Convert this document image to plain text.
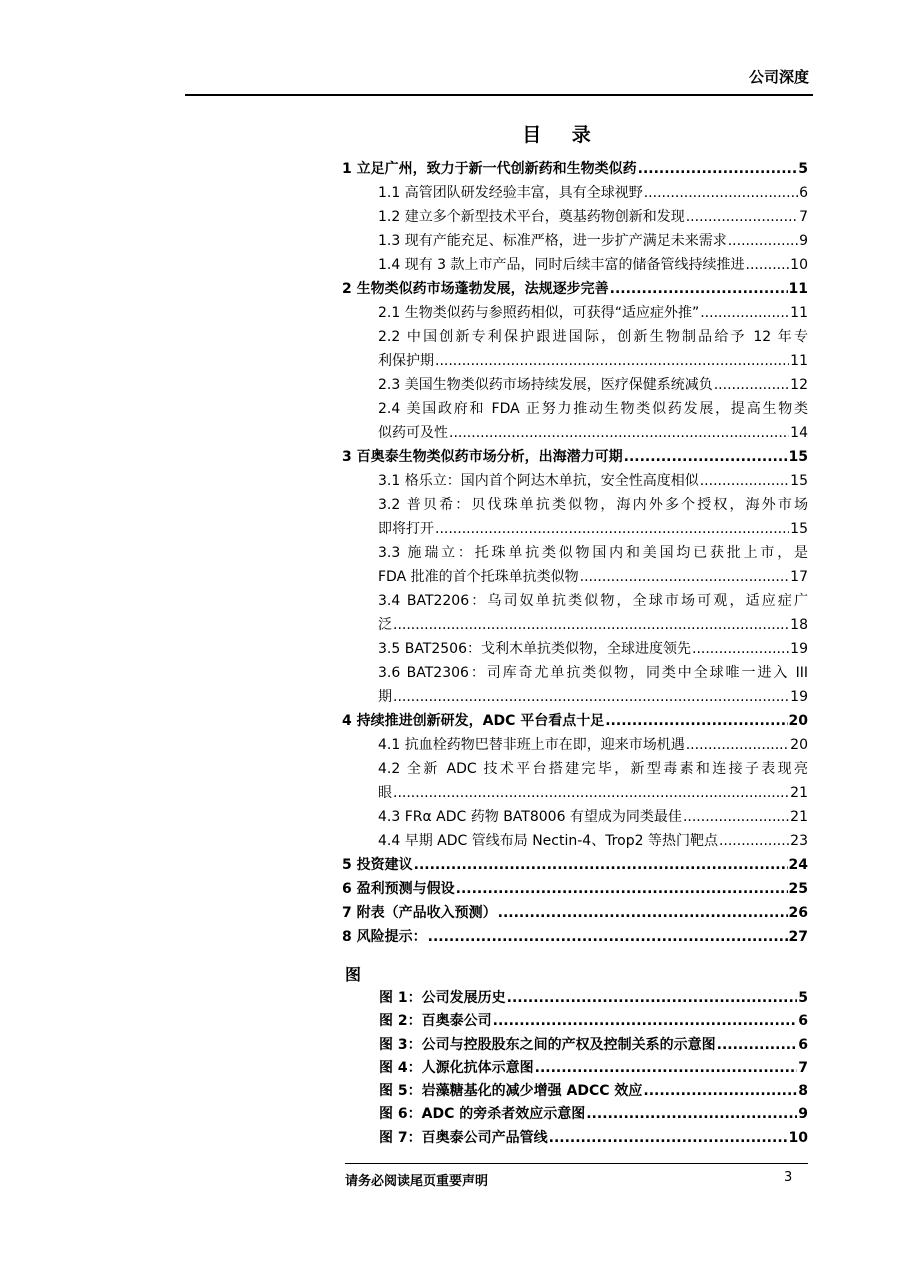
公司深度
目 录
1 立足广州，致力于新一代创新药和生物类似药 .....	5
1.1 高管团队研发经验丰富，具有全球视野 .....	6
1.2 建立多个新型技术平台，奠基药物创新和发现 .....	7
1.3 现有产能充足、标准严格，进一步扩产满足未来需求 .....	9
1.4 现有 3 款上市产品，同时后续丰富的储备管线持续推进 .....	10
2 生物类似药市场蓬勃发展，法规逐步完善 .....	11
2.1 生物类似药与参照药相似，可获得“适应症外推” .....	11
2.2 中国创新专利保护跟进国际，创新生物制品给予 12 年专
利保护期 .....	11
2.3 美国生物类似药市场持续发展，医疗保健系统减负 .....	12
2.4 美国政府和 FDA 正努力推动生物类似药发展，提高生物类
似药可及性 .....	14
3 百奥泰生物类似药市场分析，出海潜力可期 .....	15
3.1 格乐立：国内首个阿达木单抗，安全性高度相似 .....	15
3.2 普贝希：贝伐珠单抗类似物，海内外多个授权，海外市场
即将打开 .....	15
3.3 施瑞立：托珠单抗类似物国内和美国均已获批上市，是
FDA 批准的首个托珠单抗类似物 .....	17
3.4 BAT2206：乌司奴单抗类似物，全球市场可观，适应症广
泛 .....	18
3.5 BAT2506：戈利木单抗类似物，全球进度领先 .....	19
3.6 BAT2306：司库奇尤单抗类似物，同类中全球唯一进入 III
期 .....	19
4 持续推进创新研发，ADC 平台看点十足 .....	20
4.1 抗血栓药物巴替非班上市在即，迎来市场机遇 .....	20
4.2 全新 ADC 技术平台搭建完毕，新型毒素和连接子表现亮
眼 .....	21
4.3 FRα ADC 药物 BAT8006 有望成为同类最佳 .....	21
4.4 早期 ADC 管线布局 Nectin-4、Trop2 等热门靶点 .....	23
5 投资建议 .....	24
6 盈利预测与假设 .....	25
7 附表（产品收入预测） .....	26
8 风险提示： .....	27
图
图 1：公司发展历史 .....	5
图 2：百奥泰公司 .....	6
图 3：公司与控股股东之间的产权及控制关系的示意图 .....	6
图 4：人源化抗体示意图 .....	7
图 5：岩藻糖基化的减少增强 ADCC 效应 .....	8
图 6：ADC 的旁杀者效应示意图 .....	9
图 7：百奥泰公司产品管线 .....	10
请务必阅读尾页重要声明	3
